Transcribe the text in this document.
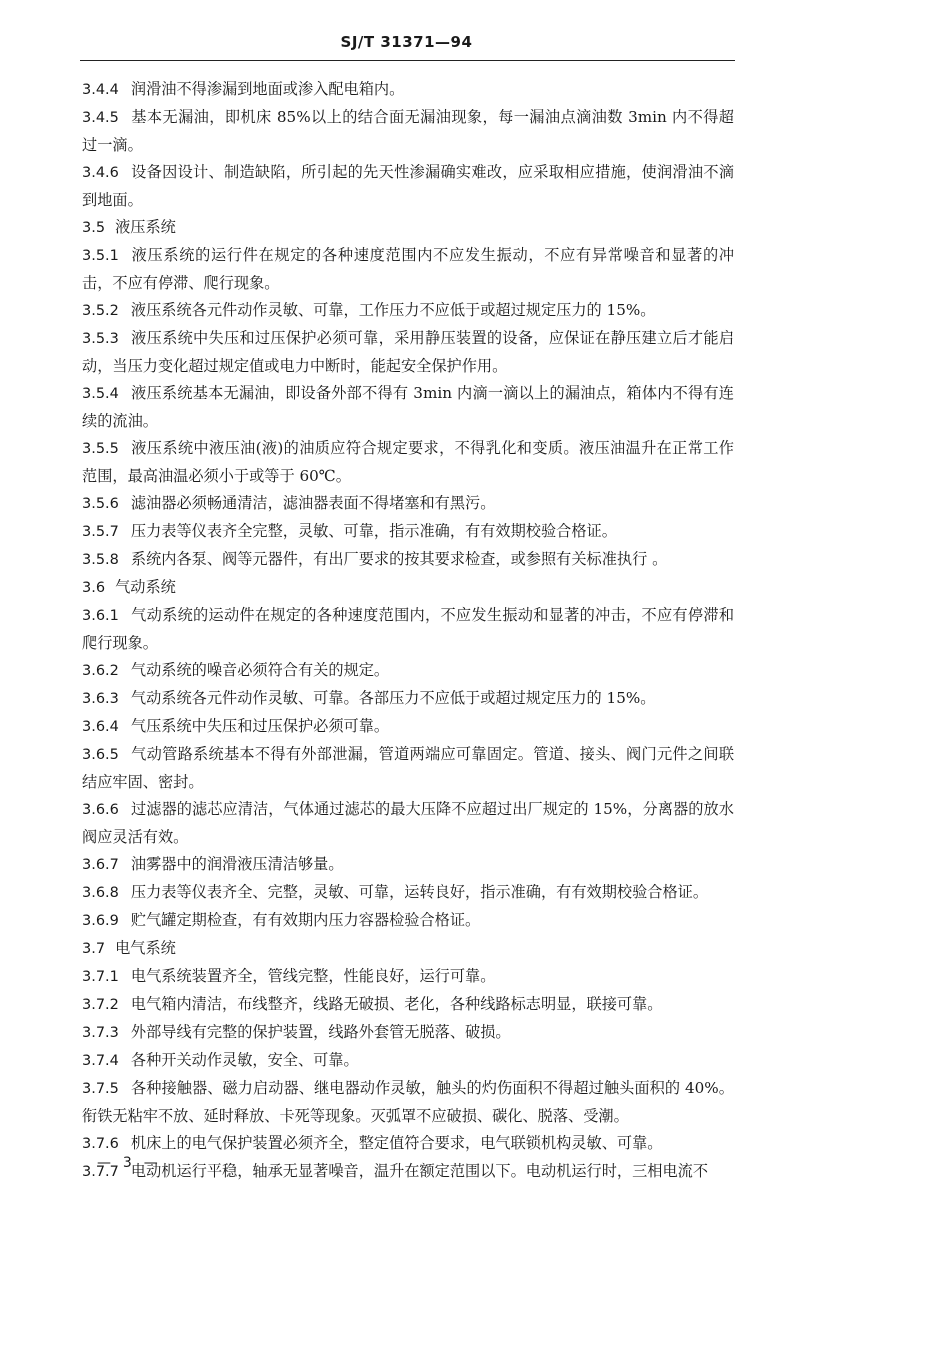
SJ/T 31371—94

3.4.4 润滑油不得渗漏到地面或渗入配电箱内。

3.4.5 基本无漏油，即机床 85%以上的结合面无漏油现象，每一漏油点滴油数 3min 内不得超过一滴。

3.4.6 设备因设计、制造缺陷，所引起的先天性渗漏确实难改，应采取相应措施，使润滑油不滴到地面。

3.5 液压系统

3.5.1 液压系统的运行件在规定的各种速度范围内不应发生振动，不应有异常噪音和显著的冲击，不应有停滞、爬行现象。

3.5.2 液压系统各元件动作灵敏、可靠，工作压力不应低于或超过规定压力的 15%。

3.5.3 液压系统中失压和过压保护必须可靠，采用静压装置的设备，应保证在静压建立后才能启动，当压力变化超过规定值或电力中断时，能起安全保护作用。

3.5.4 液压系统基本无漏油，即设备外部不得有 3min 内滴一滴以上的漏油点，箱体内不得有连续的流油。

3.5.5 液压系统中液压油(液)的油质应符合规定要求，不得乳化和变质。液压油温升在正常工作范围，最高油温必须小于或等于 60℃。

3.5.6 滤油器必须畅通清洁，滤油器表面不得堵塞和有黑污。

3.5.7 压力表等仪表齐全完整，灵敏、可靠，指示准确，有有效期校验合格证。

3.5.8 系统内各泵、阀等元器件，有出厂要求的按其要求检查，或参照有关标准执行 。

3.6 气动系统

3.6.1 气动系统的运动件在规定的各种速度范围内，不应发生振动和显著的冲击，不应有停滞和爬行现象。

3.6.2 气动系统的噪音必须符合有关的规定。

3.6.3 气动系统各元件动作灵敏、可靠。各部压力不应低于或超过规定压力的 15%。

3.6.4 气压系统中失压和过压保护必须可靠。

3.6.5 气动管路系统基本不得有外部泄漏，管道两端应可靠固定。管道、接头、阀门元件之间联结应牢固、密封。

3.6.6 过滤器的滤芯应清洁，气体通过滤芯的最大压降不应超过出厂规定的 15%，分离器的放水阀应灵活有效。

3.6.7 油雾器中的润滑液压清洁够量。

3.6.8 压力表等仪表齐全、完整，灵敏、可靠，运转良好，指示准确，有有效期校验合格证。

3.6.9 贮气罐定期检查，有有效期内压力容器检验合格证。

3.7 电气系统

3.7.1 电气系统装置齐全，管线完整，性能良好，运行可靠。

3.7.2 电气箱内清洁，布线整齐，线路无破损、老化，各种线路标志明显，联接可靠。

3.7.3 外部导线有完整的保护装置，线路外套管无脱落、破损。

3.7.4 各种开关动作灵敏，安全、可靠。

3.7.5 各种接触器、磁力启动器、继电器动作灵敏，触头的灼伤面积不得超过触头面积的 40%。衔铁无粘牢不放、延时释放、卡死等现象。灭弧罩不应破损、碳化、脱落、受潮。

3.7.6 机床上的电气保护装置必须齐全，整定值符合要求，电气联锁机构灵敏、可靠。

3.7.7 电动机运行平稳，轴承无显著噪音，温升在额定范围以下。电动机运行时，三相电流不

—  3  —
